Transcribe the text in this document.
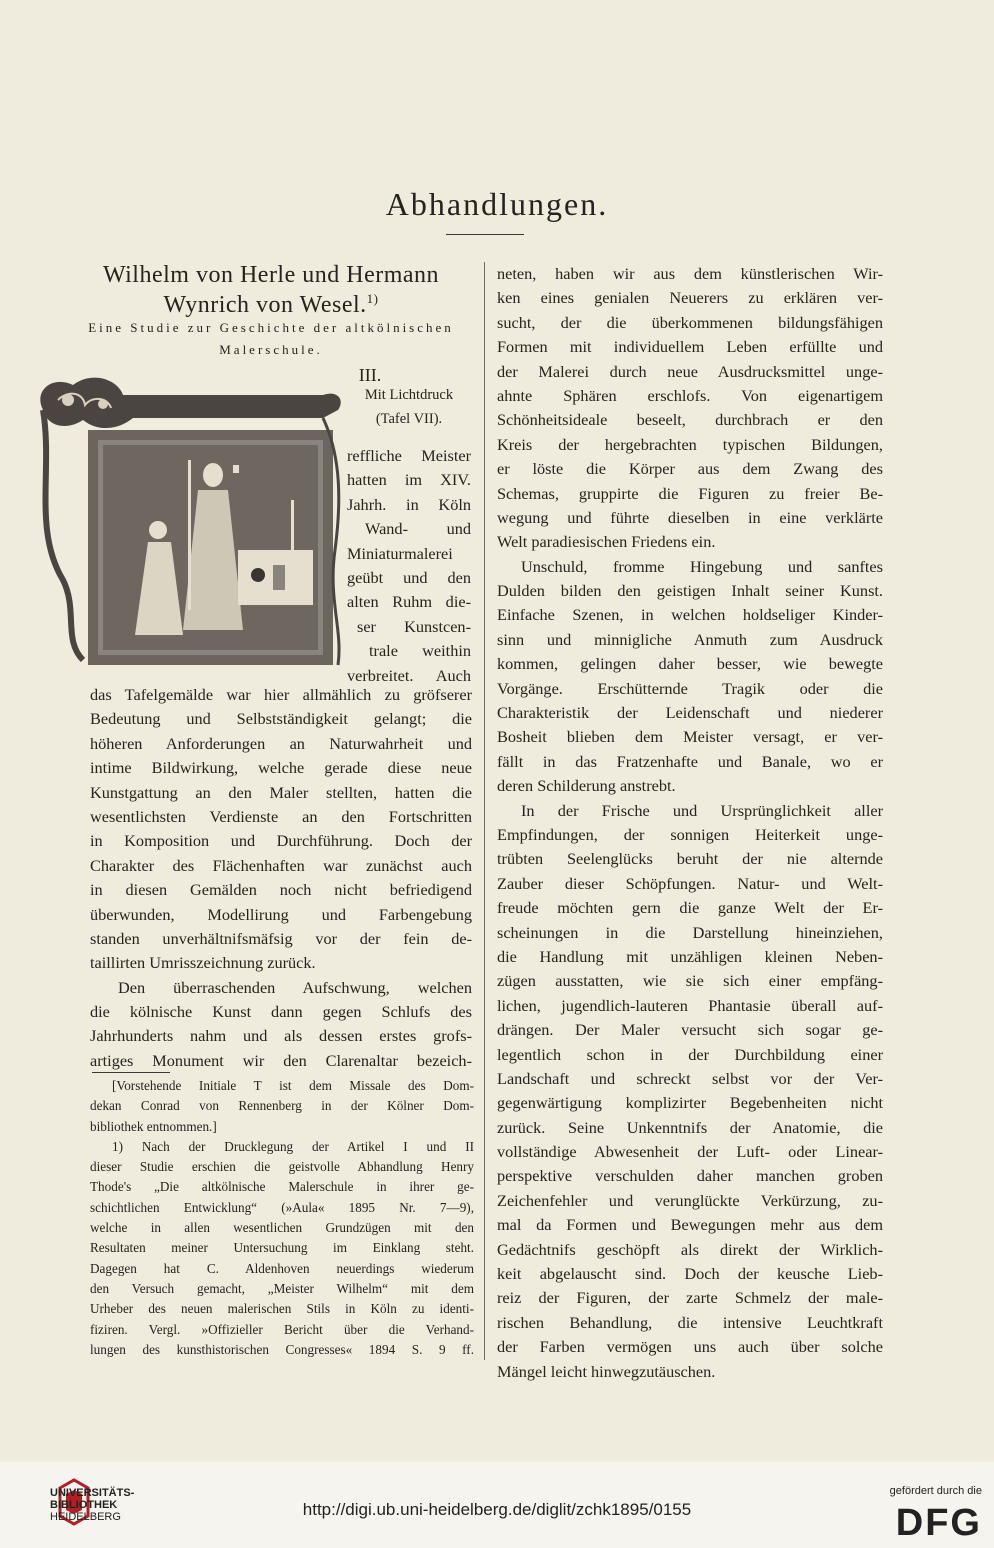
Abhandlungen.
Wilhelm von Herle und Hermann
Wynrich von Wesel.$^{1)}$
Eine Studie zur Geschichte der altkölnischen
Malerschule.
III.
Mit Lichtdruck
(Tafel VII).
reffliche Meister
hatten im XIV.
Jahrh. in Köln
Wand- und
Miniaturmalerei
geübt und den
alten Ruhm die-
ser Kunstcen-
trale weithin
verbreitet. Auch
das Tafelgemälde war hier allmählich zu gröfserer
Bedeutung und Selbstständigkeit gelangt; die
höheren Anforderungen an Naturwahrheit und
intime Bildwirkung, welche gerade diese neue
Kunstgattung an den Maler stellten, hatten die
wesentlichsten Verdienste an den Fortschritten
in Komposition und Durchführung. Doch der
Charakter des Flächenhaften war zunächst auch
in diesen Gemälden noch nicht befriedigend
überwunden, Modellirung und Farbengebung
standen unverhältnifsmäfsig vor der fein de-
taillirten Umrisszeichnung zurück.
Den überraschenden Aufschwung, welchen
die kölnische Kunst dann gegen Schlufs des
Jahrhunderts nahm und als dessen erstes grofs-
artiges Monument wir den Clarenaltar bezeich-
[Vorstehende Initiale T ist dem Missale des Dom-
dekan Conrad von Rennenberg in der Kölner Dom-
bibliothek entnommen.]
1) Nach der Drucklegung der Artikel I und II
dieser Studie erschien die geistvolle Abhandlung Henry
Thode's „Die altkölnische Malerschule in ihrer ge-
schichtlichen Entwicklung“ (»Aula« 1895 Nr. 7—9),
welche in allen wesentlichen Grundzügen mit den
Resultaten meiner Untersuchung im Einklang steht.
Dagegen hat C. Aldenhoven neuerdings wiederum
den Versuch gemacht, „Meister Wilhelm“ mit dem
Urheber des neuen malerischen Stils in Köln zu identi-
fiziren. Vergl. »Offizieller Bericht über die Verhand-
lungen des kunsthistorischen Congresses« 1894 S. 9 ff.
neten, haben wir aus dem künstlerischen Wir-
ken eines genialen Neuerers zu erklären ver-
sucht, der die überkommenen bildungsfähigen
Formen mit individuellem Leben erfüllte und
der Malerei durch neue Ausdrucksmittel unge-
ahnte Sphären erschlofs. Von eigenartigem
Schönheitsideale beseelt, durchbrach er den
Kreis der hergebrachten typischen Bildungen,
er löste die Körper aus dem Zwang des
Schemas, gruppirte die Figuren zu freier Be-
wegung und führte dieselben in eine verklärte
Welt paradiesischen Friedens ein.
Unschuld, fromme Hingebung und sanftes
Dulden bilden den geistigen Inhalt seiner Kunst.
Einfache Szenen, in welchen holdseliger Kinder-
sinn und minnigliche Anmuth zum Ausdruck
kommen, gelingen daher besser, wie bewegte
Vorgänge. Erschütternde Tragik oder die
Charakteristik der Leidenschaft und niederer
Bosheit blieben dem Meister versagt, er ver-
fällt in das Fratzenhafte und Banale, wo er
deren Schilderung anstrebt.
In der Frische und Ursprünglichkeit aller
Empfindungen, der sonnigen Heiterkeit unge-
trübten Seelenglücks beruht der nie alternde
Zauber dieser Schöpfungen. Natur- und Welt-
freude möchten gern die ganze Welt der Er-
scheinungen in die Darstellung hineinziehen,
die Handlung mit unzähligen kleinen Neben-
zügen ausstatten, wie sie sich einer empfäng-
lichen, jugendlich-lauteren Phantasie überall auf-
drängen. Der Maler versucht sich sogar ge-
legentlich schon in der Durchbildung einer
Landschaft und schreckt selbst vor der Ver-
gegenwärtigung komplizirter Begebenheiten nicht
zurück. Seine Unkenntnifs der Anatomie, die
vollständige Abwesenheit der Luft- oder Linear-
perspektive verschulden daher manchen groben
Zeichenfehler und verunglückte Verkürzung, zu-
mal da Formen und Bewegungen mehr aus dem
Gedächtnifs geschöpft als direkt der Wirklich-
keit abgelauscht sind. Doch der keusche Lieb-
reiz der Figuren, der zarte Schmelz der male-
rischen Behandlung, die intensive Leuchtkraft
der Farben vermögen uns auch über solche
Mängel leicht hinwegzutäuschen.
UNIVERSITÄTS-
BIBLIOTHEK
HEIDELBERG	http://digi.ub.uni-heidelberg.de/diglit/zchk1895/0155
gefördert durch die
DFG
